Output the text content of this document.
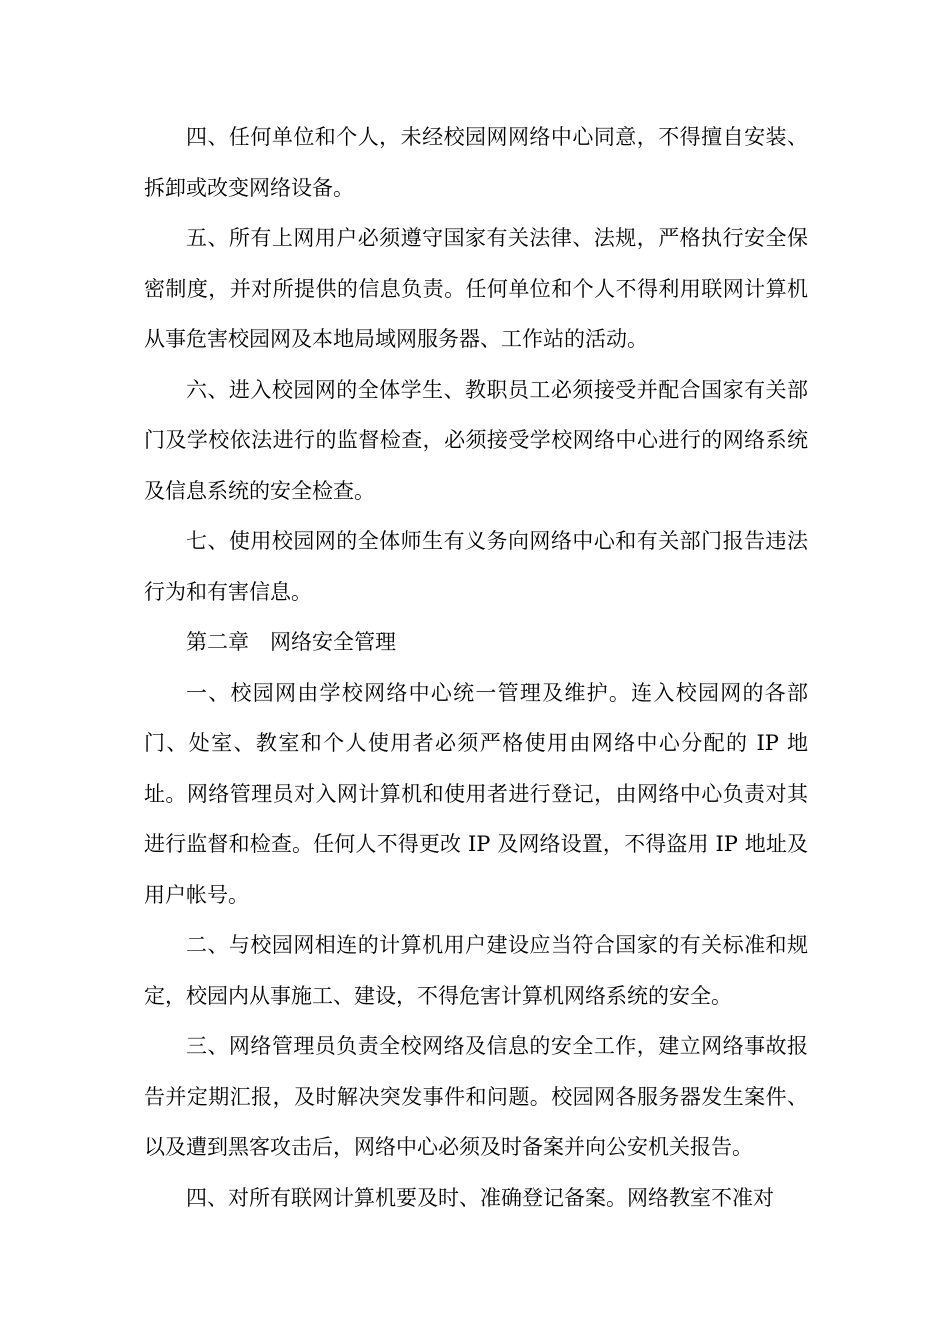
四、任何单位和个人，未经校园网网络中心同意，不得擅自安装、拆卸或改变网络设备。

五、所有上网用户必须遵守国家有关法律、法规，严格执行安全保密制度，并对所提供的信息负责。任何单位和个人不得利用联网计算机从事危害校园网及本地局域网服务器、工作站的活动。

六、进入校园网的全体学生、教职员工必须接受并配合国家有关部门及学校依法进行的监督检查，必须接受学校网络中心进行的网络系统及信息系统的安全检查。

七、使用校园网的全体师生有义务向网络中心和有关部门报告违法行为和有害信息。

第二章　网络安全管理

一、校园网由学校网络中心统一管理及维护。连入校园网的各部门、处室、教室和个人使用者必须严格使用由网络中心分配的 IP 地址。网络管理员对入网计算机和使用者进行登记，由网络中心负责对其进行监督和检查。任何人不得更改 IP 及网络设置，不得盗用 IP 地址及用户帐号。

二、与校园网相连的计算机用户建设应当符合国家的有关标准和规定，校园内从事施工、建设，不得危害计算机网络系统的安全。

三、网络管理员负责全校网络及信息的安全工作，建立网络事故报告并定期汇报，及时解决突发事件和问题。校园网各服务器发生案件、以及遭到黑客攻击后，网络中心必须及时备案并向公安机关报告。

四、对所有联网计算机要及时、准确登记备案。网络教室不准对
